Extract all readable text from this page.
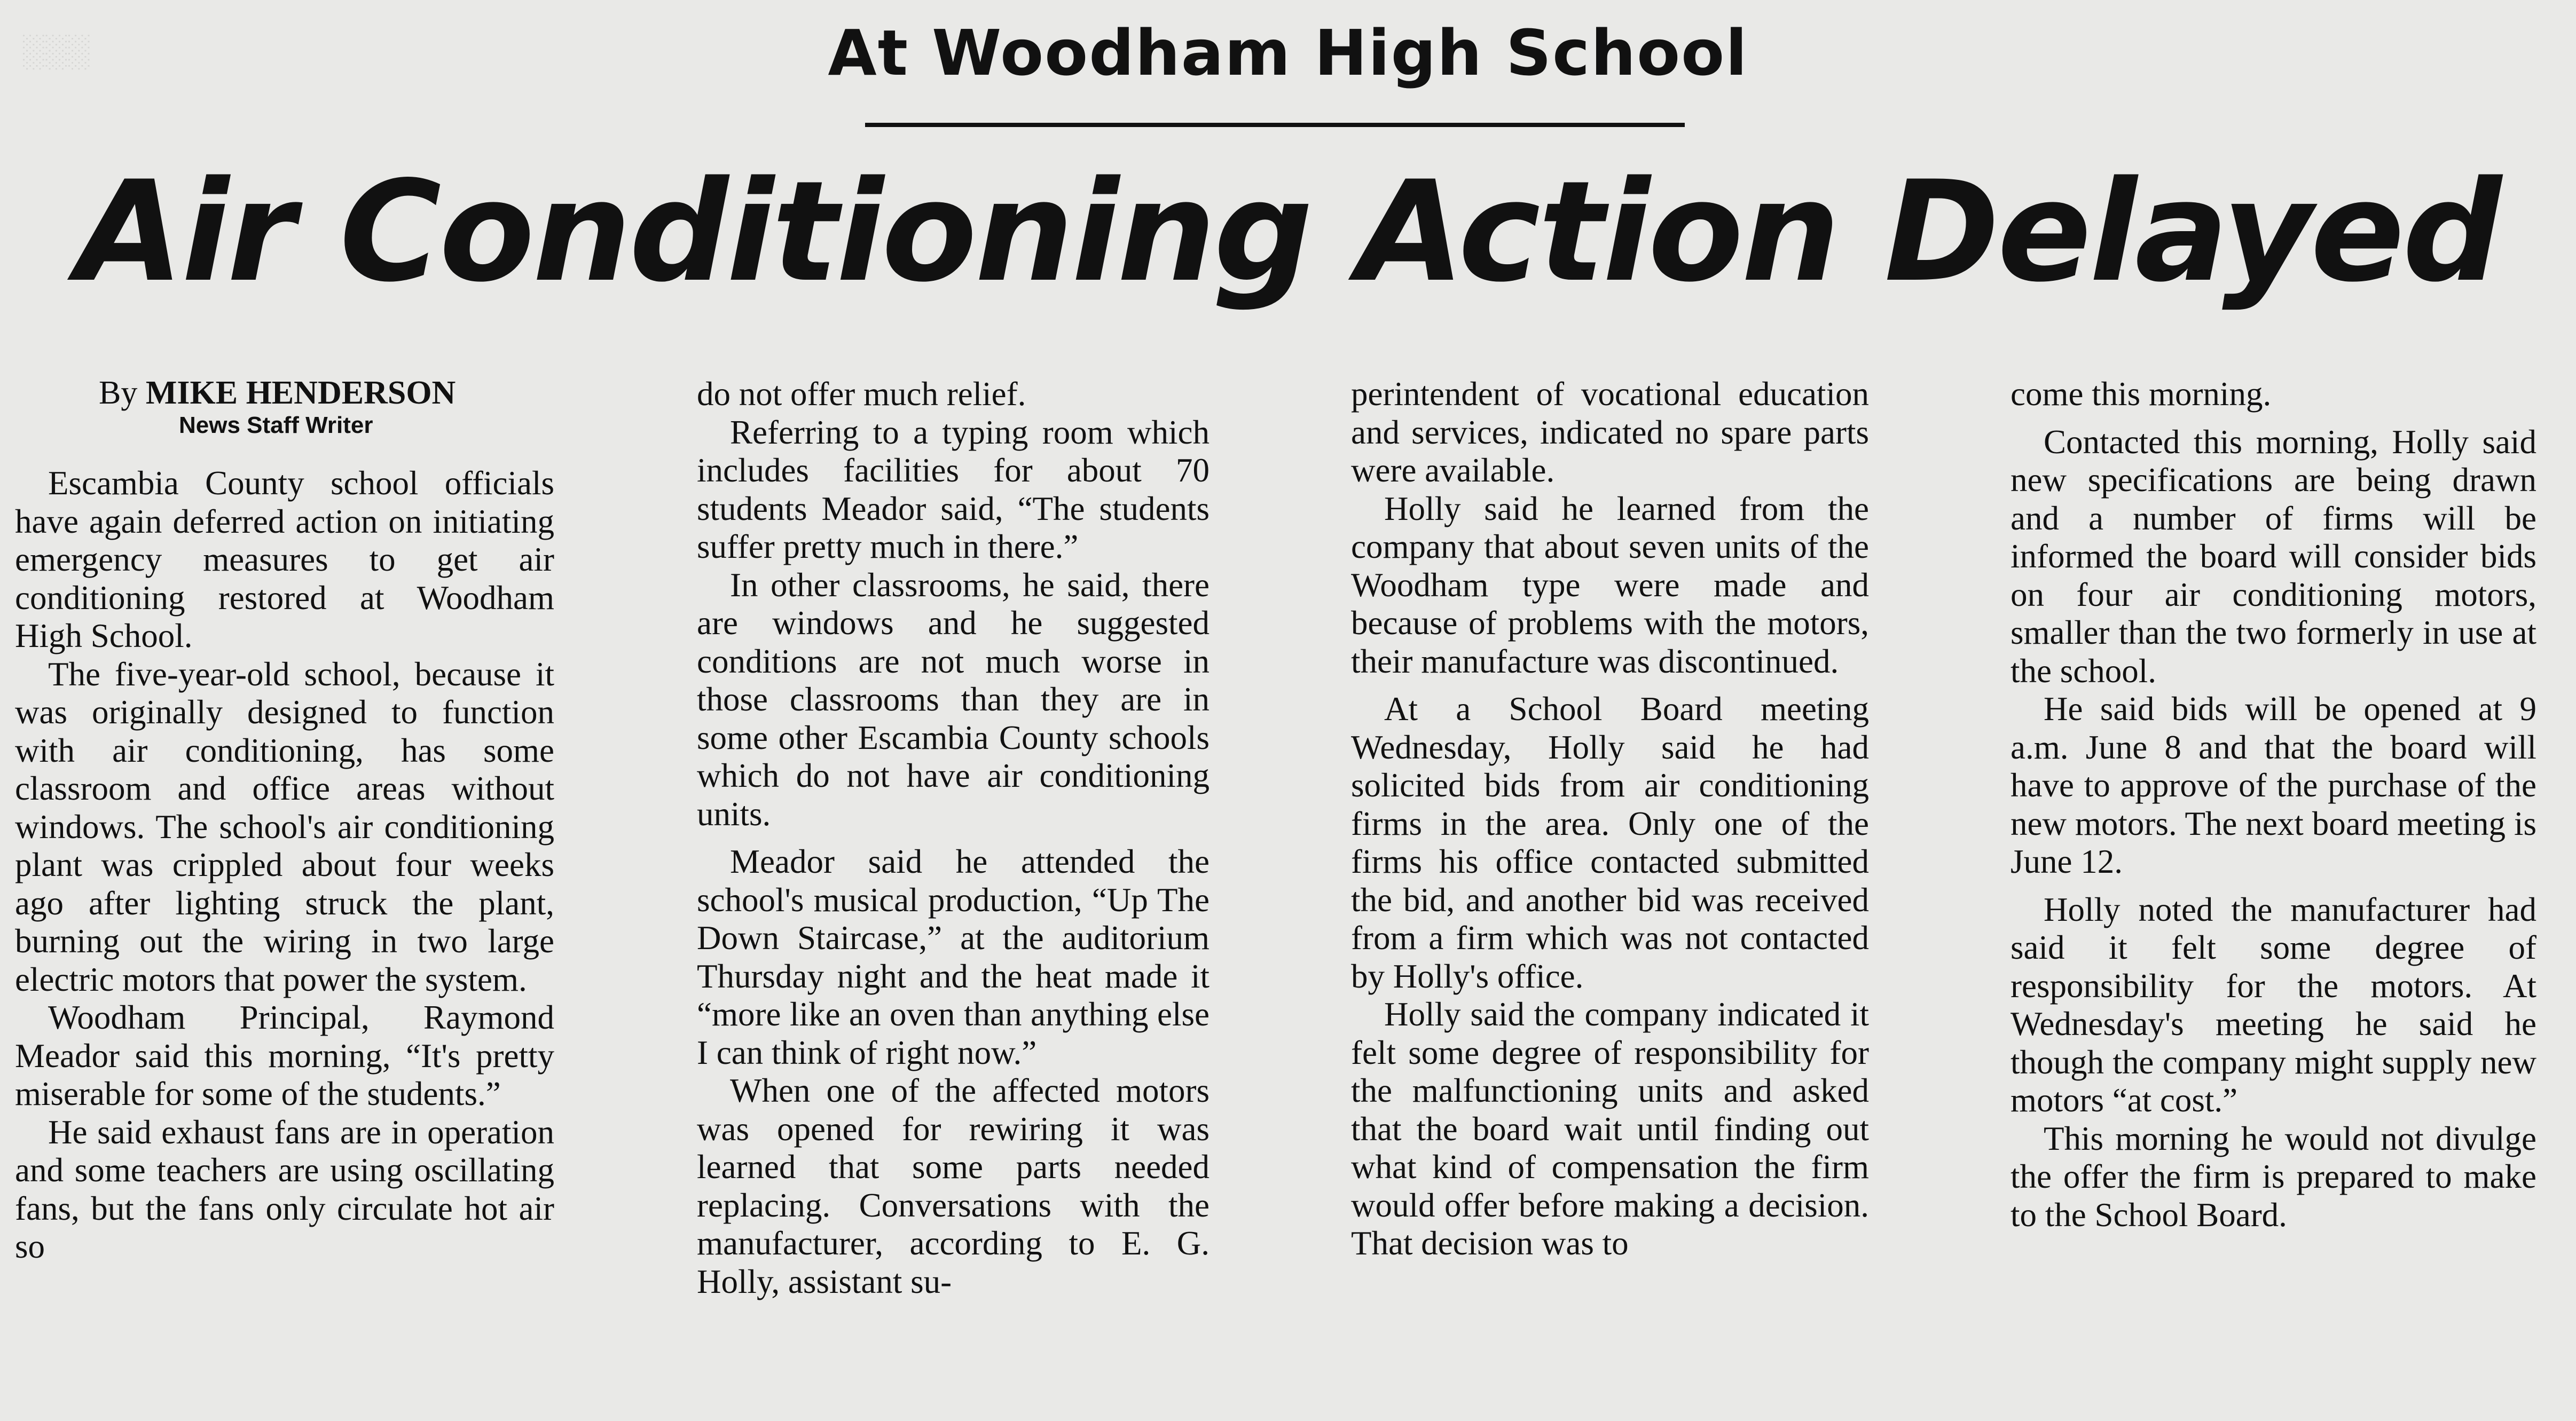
░░░	At Woodham High School
Air Conditioning Action Delayed
By MIKE HENDERSON
News Staff Writer

Escambia County school officials have again deferred action on initiating emergency measures to get air conditioning restored at Woodham High School.

The five-year-old school, because it was originally designed to function with air conditioning, has some classroom and office areas without windows. The school's air conditioning plant was crippled about four weeks ago after lighting struck the plant, burning out the wiring in two large electric motors that power the system.

Woodham Principal, Raymond Meador said this morning, “It's pretty miserable for some of the students.”

He said exhaust fans are in operation and some teachers are using oscillating fans, but the fans only circulate hot air so

do not offer much relief.

Referring to a typing room which includes facilities for about 70 students Meador said, “The students suffer pretty much in there.”

In other classrooms, he said, there are windows and he suggested conditions are not much worse in those classrooms than they are in some other Escambia County schools which do not have air conditioning units.

Meador said he attended the school's musical production, “Up The Down Staircase,” at the auditorium Thursday night and the heat made it “more like an oven than anything else I can think of right now.”

When one of the affected motors was opened for rewiring it was learned that some parts needed replacing. Conversations with the manufacturer, according to E. G. Holly, assistant su-

perintendent of vocational education and services, indicated no spare parts were available.

Holly said he learned from the company that about seven units of the Woodham type were made and because of problems with the motors, their manufacture was discontinued.

At a School Board meeting Wednesday, Holly said he had solicited bids from air conditioning firms in the area. Only one of the firms his office contacted submitted the bid, and another bid was received from a firm which was not contacted by Holly's office.

Holly said the company indicated it felt some degree of responsibility for the malfunctioning units and asked that the board wait until finding out what kind of compensation the firm would offer before making a decision. That decision was to

come this morning.

Contacted this morning, Holly said new specifications are being drawn and a number of firms will be informed the board will consider bids on four air conditioning motors, smaller than the two formerly in use at the school.

He said bids will be opened at 9 a.m. June 8 and that the board will have to approve of the purchase of the new motors. The next board meeting is June 12.

Holly noted the manufacturer had said it felt some degree of responsibility for the motors. At Wednesday's meeting he said he though the company might supply new motors “at cost.”

This morning he would not divulge the offer the firm is prepared to make to the School Board.
